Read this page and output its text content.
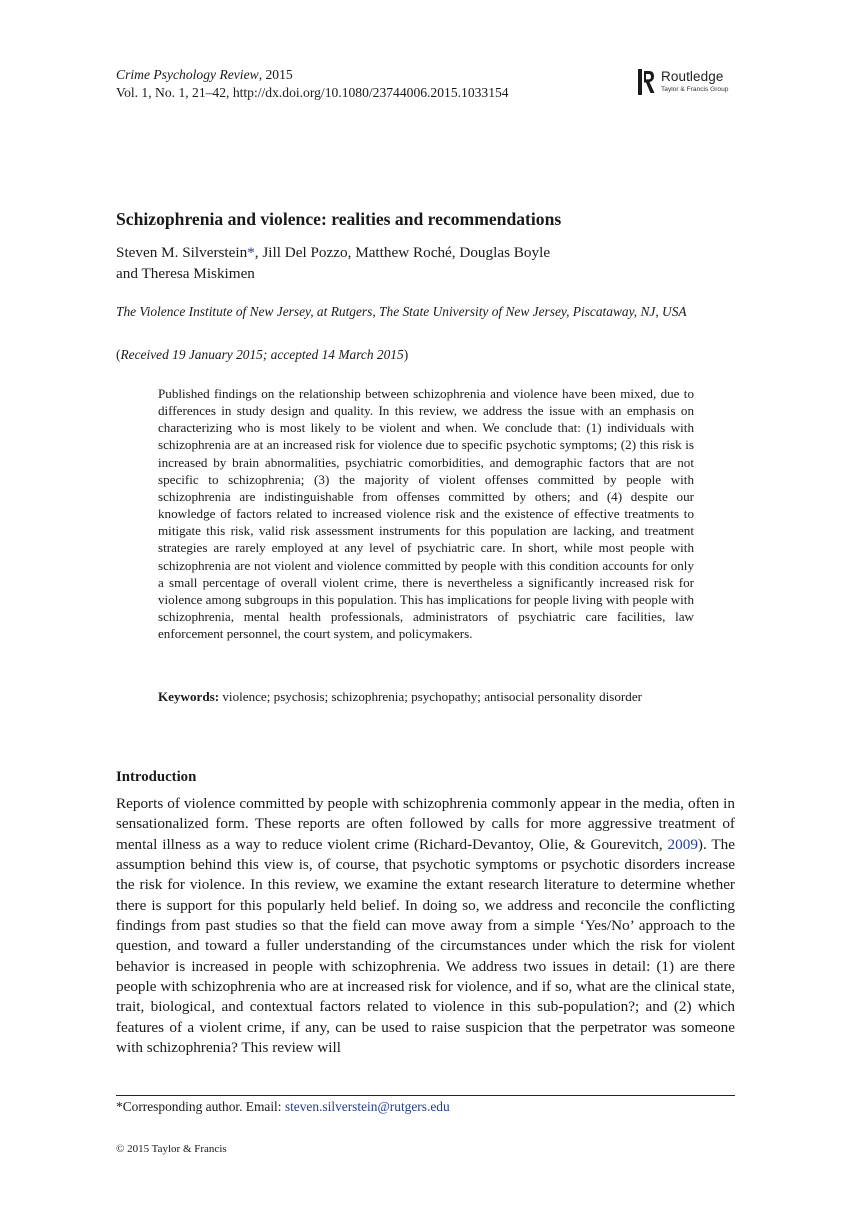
Crime Psychology Review, 2015
Vol. 1, No. 1, 21–42, http://dx.doi.org/10.1080/23744006.2015.1033154
Routledge
Taylor & Francis Group
Schizophrenia and violence: realities and recommendations
Steven M. Silverstein*, Jill Del Pozzo, Matthew Roché, Douglas Boyle
and Theresa Miskimen
The Violence Institute of New Jersey, at Rutgers, The State University of New Jersey, Piscataway, NJ, USA
(Received 19 January 2015; accepted 14 March 2015)
Published findings on the relationship between schizophrenia and violence have been mixed, due to differences in study design and quality. In this review, we address the issue with an emphasis on characterizing who is most likely to be violent and when. We conclude that: (1) individuals with schizophrenia are at an increased risk for violence due to specific psychotic symptoms; (2) this risk is increased by brain abnormalities, psychiatric comorbidities, and demographic factors that are not specific to schizophrenia; (3) the majority of violent offenses committed by people with schizophrenia are indistinguishable from offenses committed by others; and (4) despite our knowledge of factors related to increased violence risk and the existence of effective treatments to mitigate this risk, valid risk assessment instruments for this population are lacking, and treatment strategies are rarely employed at any level of psychiatric care. In short, while most people with schizophrenia are not violent and violence committed by people with this condition accounts for only a small percentage of overall violent crime, there is nevertheless a significantly increased risk for violence among subgroups in this population. This has implications for people living with people with schizophrenia, mental health professionals, administrators of psychiatric care facilities, law enforcement personnel, the court system, and policymakers.
Keywords: violence; psychosis; schizophrenia; psychopathy; antisocial personality disorder
Introduction
Reports of violence committed by people with schizophrenia commonly appear in the media, often in sensationalized form. These reports are often followed by calls for more aggressive treatment of mental illness as a way to reduce violent crime (Richard-Devantoy, Olie, & Gourevitch, 2009). The assumption behind this view is, of course, that psychotic symptoms or psychotic disorders increase the risk for violence. In this review, we examine the extant research literature to determine whether there is support for this popularly held belief. In doing so, we address and reconcile the conflicting findings from past studies so that the field can move away from a simple ‘Yes/No’ approach to the question, and toward a fuller understanding of the circumstances under which the risk for violent behavior is increased in people with schizophrenia. We address two issues in detail: (1) are there people with schizophrenia who are at increased risk for violence, and if so, what are the clinical state, trait, biological, and contextual factors related to violence in this sub-population?; and (2) which features of a violent crime, if any, can be used to raise suspicion that the perpetrator was someone with schizophrenia? This review will
*Corresponding author. Email: steven.silverstein@rutgers.edu
© 2015 Taylor & Francis
